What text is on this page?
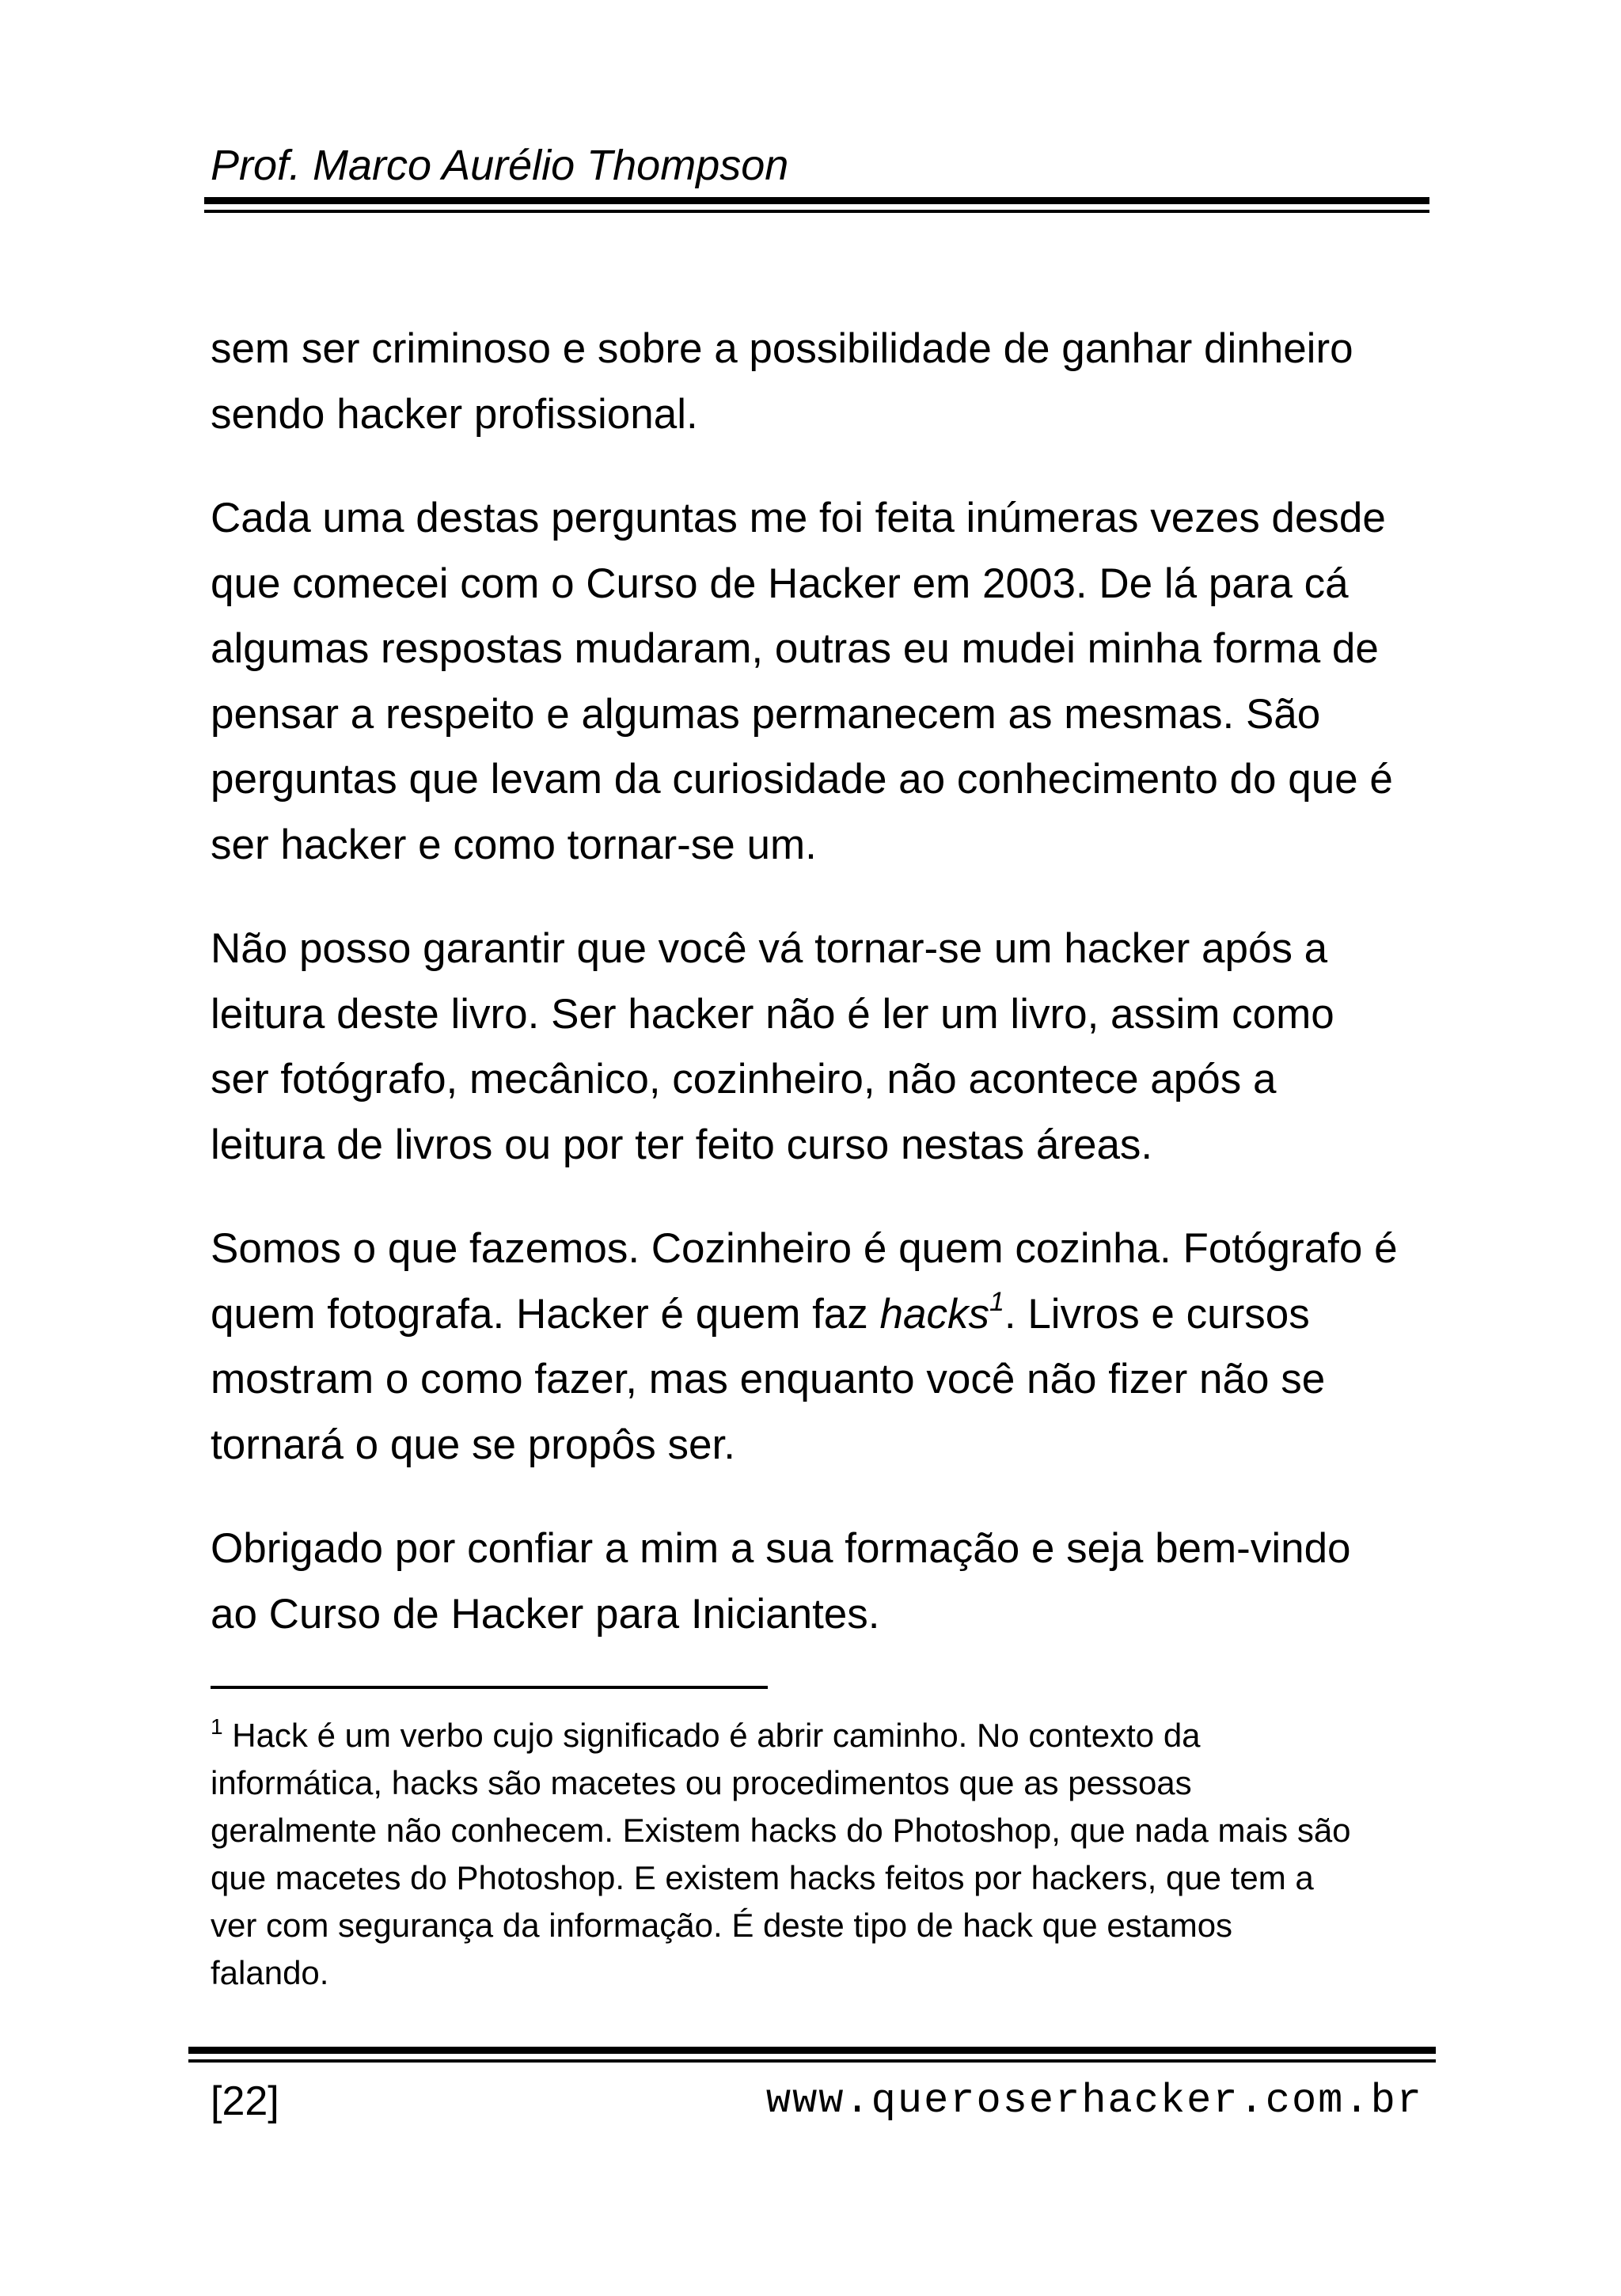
Prof. Marco Aurélio Thompson

sem ser criminoso e sobre a possibilidade de ganhar dinheiro
sendo hacker profissional.

Cada uma destas perguntas me foi feita inúmeras vezes desde
que comecei com o Curso de Hacker em 2003. De lá para cá
algumas respostas mudaram, outras eu mudei minha forma de
pensar a respeito e algumas permanecem as mesmas. São
perguntas que levam da curiosidade ao conhecimento do que é
ser hacker e como tornar-se um.

Não posso garantir que você vá tornar-se um hacker após a
leitura deste livro. Ser hacker não é ler um livro, assim como
ser fotógrafo, mecânico, cozinheiro, não acontece após a
leitura de livros ou por ter feito curso nestas áreas.

Somos o que fazemos. Cozinheiro é quem cozinha. Fotógrafo é
quem fotografa. Hacker é quem faz hacks$^1$. Livros e cursos
mostram o como fazer, mas enquanto você não fizer não se
tornará o que se propôs ser.

Obrigado por confiar a mim a sua formação e seja bem-vindo
ao Curso de Hacker para Iniciantes.

$^1$ Hack é um verbo cujo significado é abrir caminho. No contexto da
informática, hacks são macetes ou procedimentos que as pessoas
geralmente não conhecem. Existem hacks do Photoshop, que nada mais são
que macetes do Photoshop. E existem hacks feitos por hackers, que tem a
ver com segurança da informação. É deste tipo de hack que estamos
falando.
[22]	www.queroserhacker.com.br
